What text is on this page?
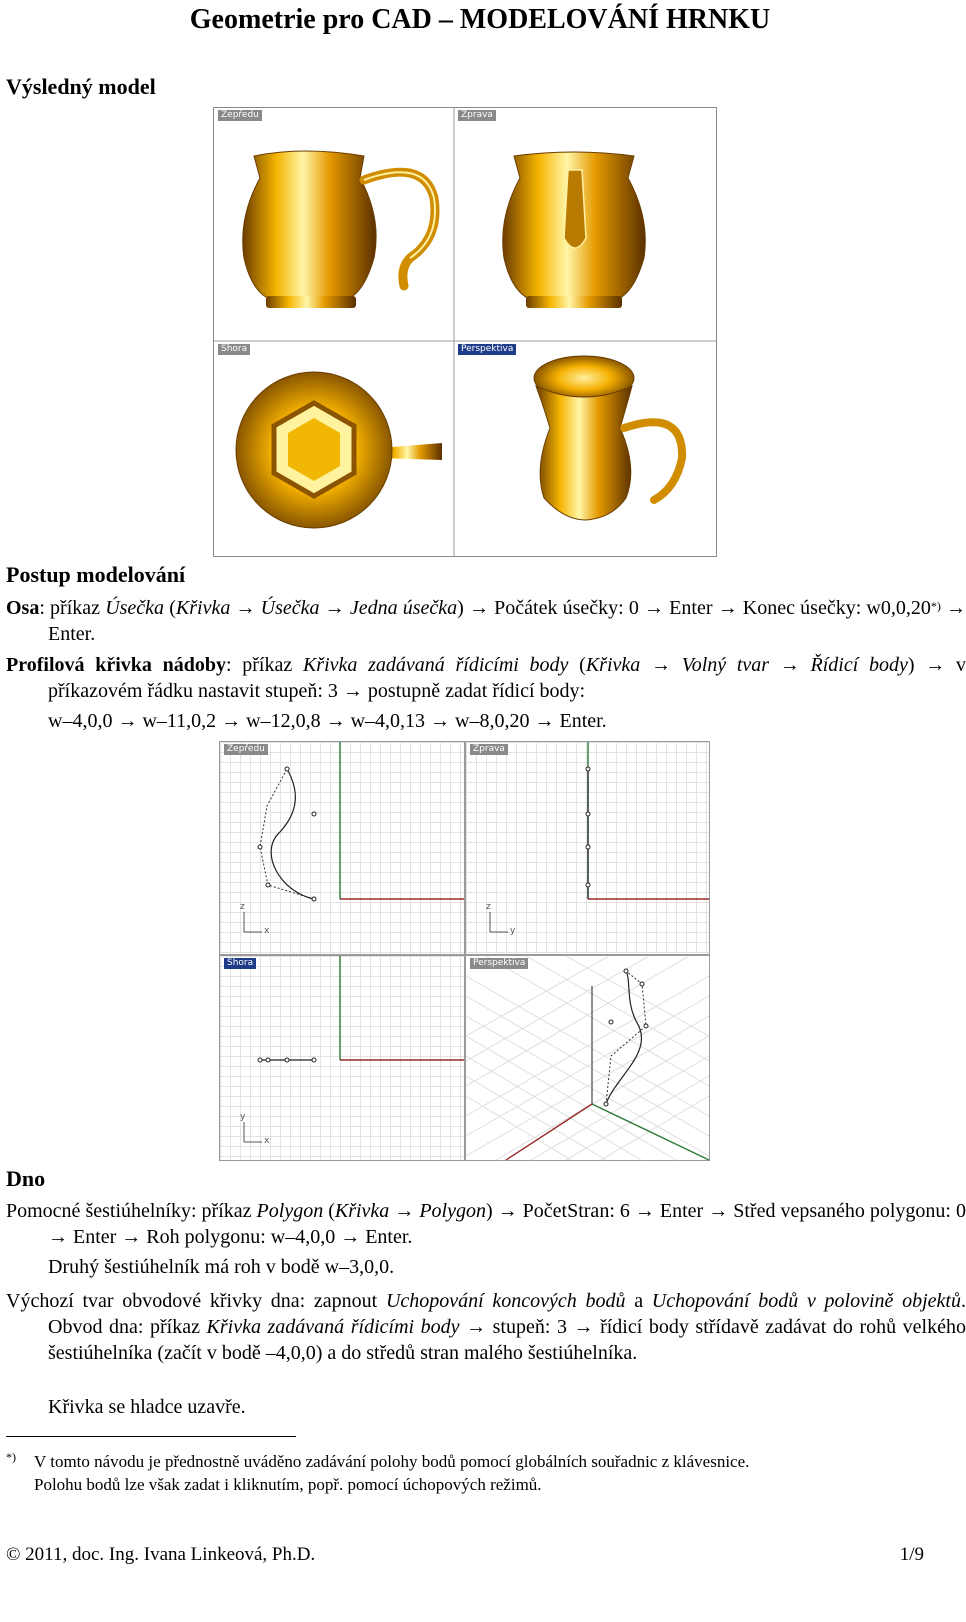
Geometrie pro CAD – MODELOVÁNÍ HRNKU
Výsledný model
Zepředu	Zprava
Shora	Perspektiva
Postup modelování
Osa: příkaz Úsečka (Křivka → Úsečka → Jedna úsečka) → Počátek úsečky: 0 → Enter → Konec úsečky: w0,0,20*) → Enter.
Profilová křivka nádoby: příkaz Křivka zadávaná řídicími body (Křivka → Volný tvar → Řídicí body) → v příkazovém řádku nastavit stupeň: 3 → postupně zadat řídicí body:
w–4,0,0 → w–11,0,2 → w–12,0,8 → w–4,0,13 → w–8,0,20 → Enter.
z
x
Zepředu
z
y
Zprava
y
x
Shora	Perspektiva
Dno
Pomocné šestiúhelníky: příkaz Polygon (Křivka → Polygon) → PočetStran: 6 → Enter → Střed vepsaného polygonu: 0 → Enter → Roh polygonu: w–4,0,0 → Enter.
Druhý šestiúhelník má roh v bodě w–3,0,0.
Výchozí tvar obvodové křivky dna: zapnout Uchopování koncových bodů a Uchopování bodů v polovině objektů. Obvod dna: příkaz Křivka zadávaná řídicími body → stupeň: 3 → řídicí body střídavě zadávat do rohů velkého šestiúhelníka (začít v bodě –4,0,0) a do středů stran malého šestiúhelníka.
Křivka se hladce uzavře.
*) V tomto návodu je přednostně uváděno zadávání polohy bodů pomocí globálních souřadnic z klávesnice.
Polohu bodů lze však zadat i kliknutím, popř. pomocí úchopových režimů.
© 2011, doc. Ing. Ivana Linkeová, Ph.D.	1/9
